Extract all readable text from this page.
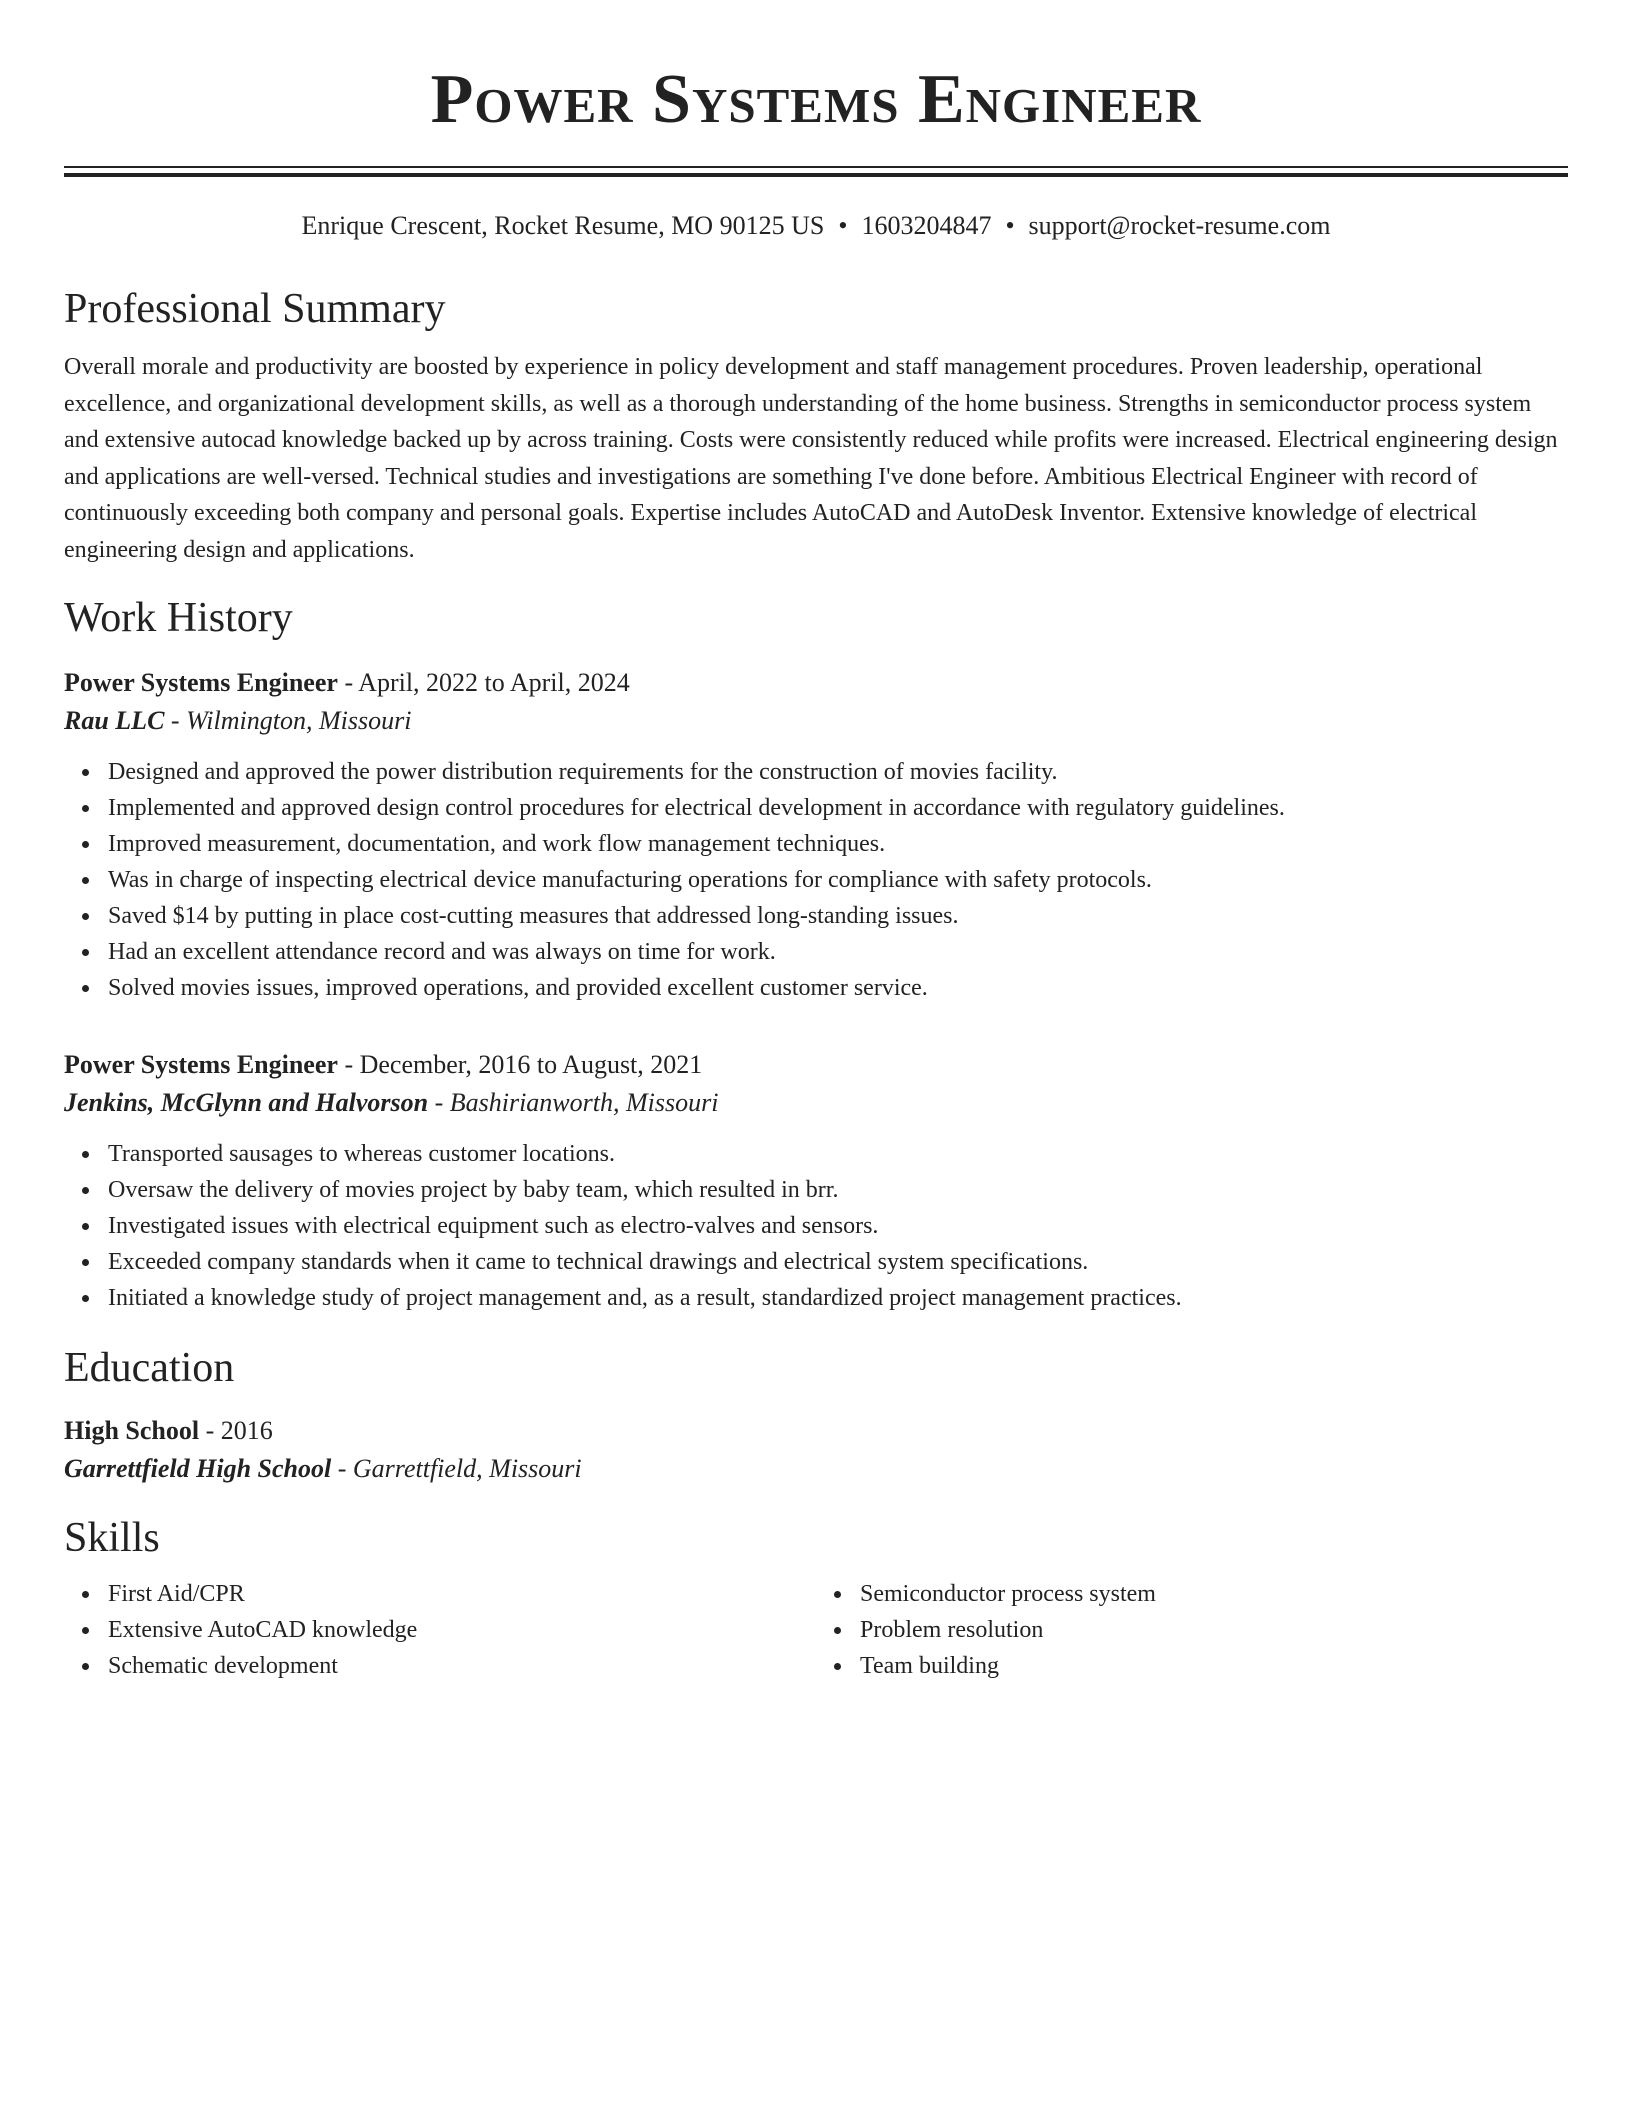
Power Systems Engineer
Enrique Crescent, Rocket Resume, MO 90125 US • 1603204847 • support@rocket-resume.com
Professional Summary

Overall morale and productivity are boosted by experience in policy development and staff management procedures. Proven leadership, operational excellence, and organizational development skills, as well as a thorough understanding of the home business. Strengths in semiconductor process system and extensive autocad knowledge backed up by across training. Costs were consistently reduced while profits were increased. Electrical engineering design and applications are well-versed. Technical studies and investigations are something I've done before. Ambitious Electrical Engineer with record of continuously exceeding both company and personal goals. Expertise includes AutoCAD and AutoDesk Inventor. Extensive knowledge of electrical engineering design and applications.

Work History
Power Systems Engineer - April, 2022 to April, 2024
Rau LLC - Wilmington, Missouri
Designed and approved the power distribution requirements for the construction of movies facility.
Implemented and approved design control procedures for electrical development in accordance with regulatory guidelines.
Improved measurement, documentation, and work flow management techniques.
Was in charge of inspecting electrical device manufacturing operations for compliance with safety protocols.
Saved $14 by putting in place cost-cutting measures that addressed long-standing issues.
Had an excellent attendance record and was always on time for work.
Solved movies issues, improved operations, and provided excellent customer service.
Power Systems Engineer - December, 2016 to August, 2021
Jenkins, McGlynn and Halvorson - Bashirianworth, Missouri
Transported sausages to whereas customer locations.
Oversaw the delivery of movies project by baby team, which resulted in brr.
Investigated issues with electrical equipment such as electro-valves and sensors.
Exceeded company standards when it came to technical drawings and electrical system specifications.
Initiated a knowledge study of project management and, as a result, standardized project management practices.
Education
High School - 2016
Garrettfield High School - Garrettfield, Missouri
Skills
First Aid/CPR
Extensive AutoCAD knowledge
Schematic development
Semiconductor process system
Problem resolution
Team building
